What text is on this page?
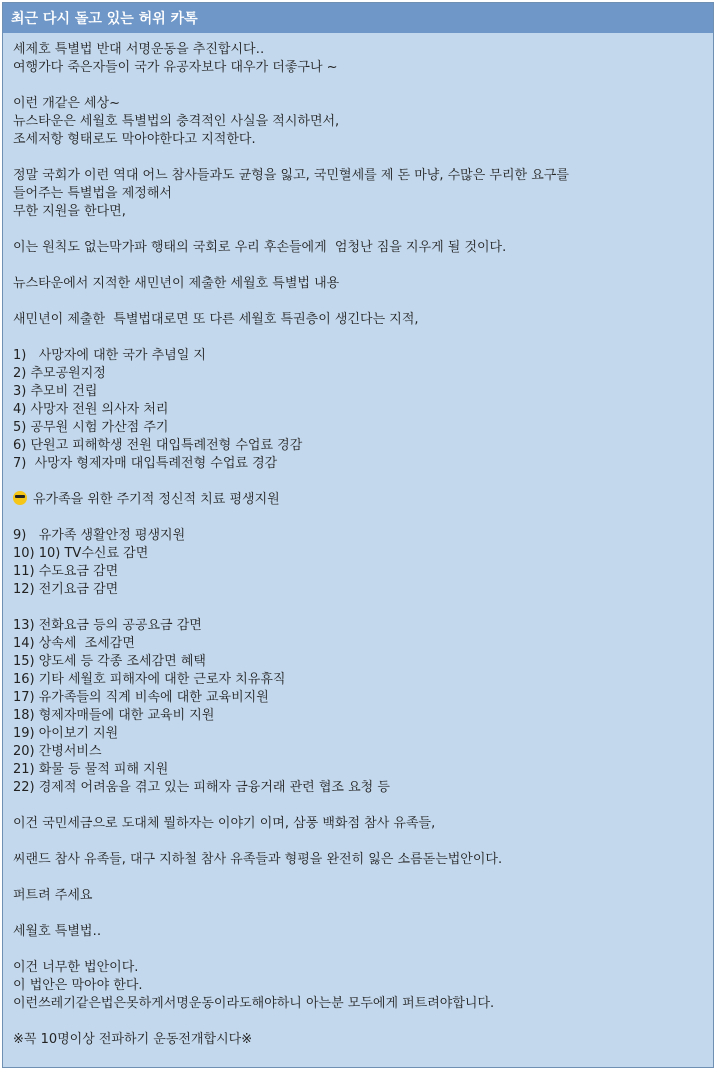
최근 다시 돌고 있는 허위 카톡
세제호 특별법 반대 서명운동을 추진합시다‥
여행가다 죽은자들이 국가 유공자보다 대우가 더좋구나 ~
이런 개같은 세상~
뉴스타운은 세월호 특별법의 충격적인 사실을 적시하면서,
조세저항 형태로도 막아야한다고 지적한다.
정말 국회가 이런 역대 어느 참사들과도 균형을 잃고, 국민혈세를 제 돈 마냥, 수많은 무리한 요구를
들어주는 특별법을 제정해서
무한 지원을 한다면,
이는 원칙도 없는막가파 행태의 국회로 우리 후손들에게  엄청난 짐을 지우게 될 것이다.
뉴스타운에서 지적한 새민년이 제출한 세월호 특별법 내용
새민년이 제출한  특별법대로면 또 다른 세월호 특권층이 생긴다는 지적,
1)   사망자에 대한 국가 추념일 지
2) 추모공원지정
3) 추모비 건립
4) 사망자 전원 의사자 처리
5) 공무원 시험 가산점 주기
6) 단원고 피해학생 전원 대입특례전형 수업료 경감
7)  사망자 형제자매 대입특례전형 수업료 경감
유가족을 위한 주기적 정신적 치료 평생지원
9)   유가족 생활안정 평생지원
10) 10) TV수신료 감면
11) 수도요금 감면
12) 전기요금 감면
13) 전화요금 등의 공공요금 감면
14) 상속세  조세감면
15) 양도세 등 각종 조세감면 혜택
16) 기타 세월호 피해자에 대한 근로자 치유휴직
17) 유가족들의 직계 비속에 대한 교육비지원
18) 형제자매들에 대한 교육비 지원
19) 아이보기 지원
20) 간병서비스
21) 화물 등 물적 피해 지원
22) 경제적 어려움을 겪고 있는 피해자 금융거래 관련 협조 요청 등
이건 국민세금으로 도대체 뭘하자는 이야기 이며, 삼풍 백화점 참사 유족들,
씨랜드 참사 유족들, 대구 지하철 참사 유족들과 형평을 완전히 잃은 소름돋는법안이다.
퍼트려 주세요
세월호 특별법‥
이건 너무한 법안이다.
이 법안은 막아야 한다.
이런쓰레기같은법은못하게서명운동이라도해야하니 아는분 모두에게 퍼트려야합니다.
※꼭 10명이상 전파하기 운동전개합시다※
